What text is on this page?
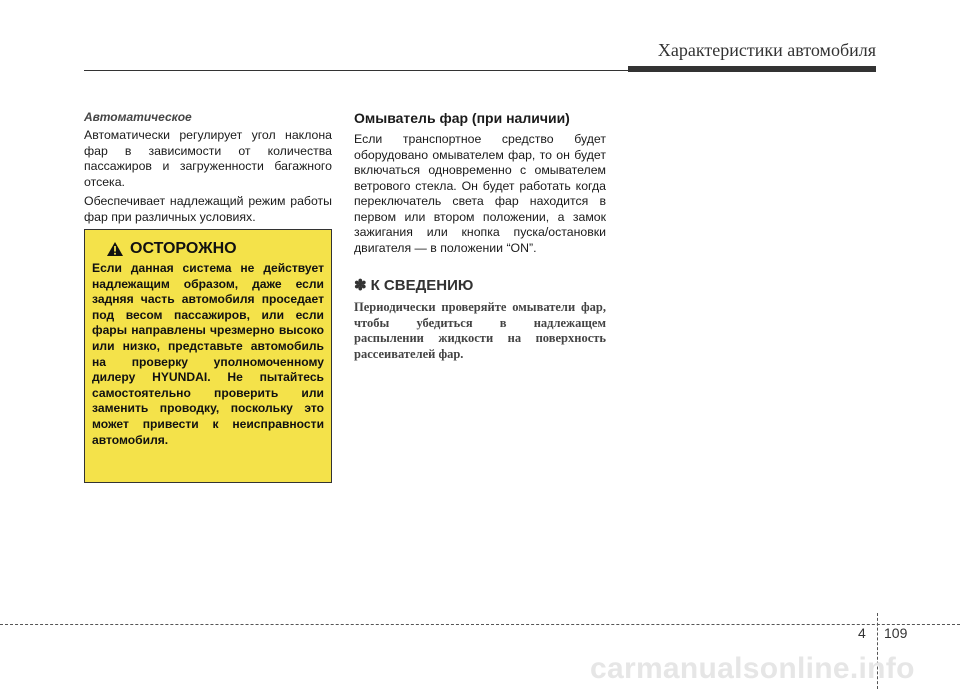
Характеристики автомобиля

Автоматическое

Автоматически регулирует угол наклона фар в зависимости от количества пассажиров и загруженности багажного отсека.

Обеспечивает надлежащий режим работы фар при различных условиях.

ОСТОРОЖНО

Если данная система не действует надлежащим образом, даже если задняя часть автомобиля проседает под весом пассажиров, или если фары направлены чрезмерно высоко или низко, представьте автомобиль на проверку уполномоченному дилеру HYUNDAI. Не пытайтесь самостоятельно проверить или заменить проводку, поскольку это может привести к неисправности автомобиля.

Омыватель фар (при наличии)

Если транспортное средство будет оборудовано омывателем фар, то он будет включаться одновременно с омывателем ветрового стекла. Он будет работать когда переключатель света фар находится в первом или втором положении, а замок зажигания или кнопка пуска/остановки двигателя — в положении “ON”.

✽ К СВЕДЕНИЮ

Периодически проверяйте омыватели фар, чтобы убедиться в надлежащем распылении жидкости на поверхность рассеивателей фар.

4 109
carmanualsonline.info
